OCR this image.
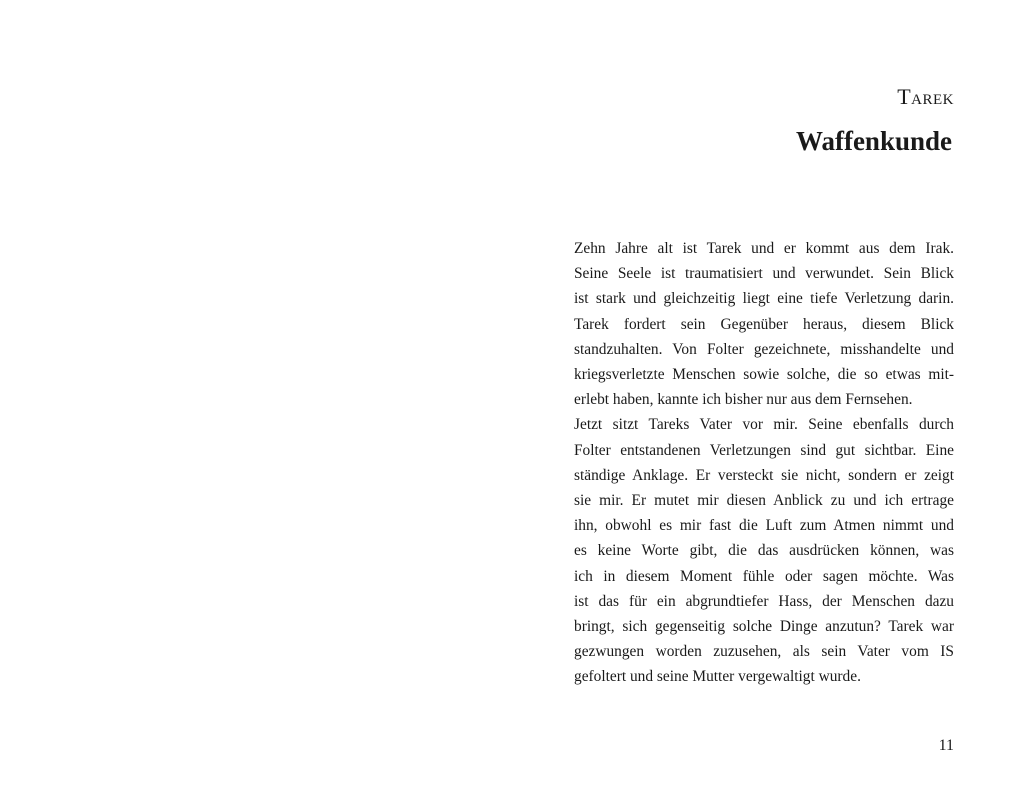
Tarek
Waffenkunde
Zehn Jahre alt ist Tarek und er kommt aus dem Irak.
Seine Seele ist traumatisiert und verwundet. Sein Blick
ist stark und gleichzeitig liegt eine tiefe Verletzung darin.
Tarek fordert sein Gegenüber heraus, diesem Blick
standzuhalten. Von Folter gezeichnete, misshandelte und
kriegsverletzte Menschen sowie solche, die so etwas mit-
erlebt haben, kannte ich bisher nur aus dem Fernsehen.
Jetzt sitzt Tareks Vater vor mir. Seine ebenfalls durch
Folter entstandenen Verletzungen sind gut sichtbar. Eine
ständige Anklage. Er versteckt sie nicht, sondern er zeigt
sie mir. Er mutet mir diesen Anblick zu und ich ertrage
ihn, obwohl es mir fast die Luft zum Atmen nimmt und
es keine Worte gibt, die das ausdrücken können, was
ich in diesem Moment fühle oder sagen möchte. Was
ist das für ein abgrundtiefer Hass, der Menschen dazu
bringt, sich gegenseitig solche Dinge anzutun? Tarek war
gezwungen worden zuzusehen, als sein Vater vom IS
gefoltert und seine Mutter vergewaltigt wurde.
11
